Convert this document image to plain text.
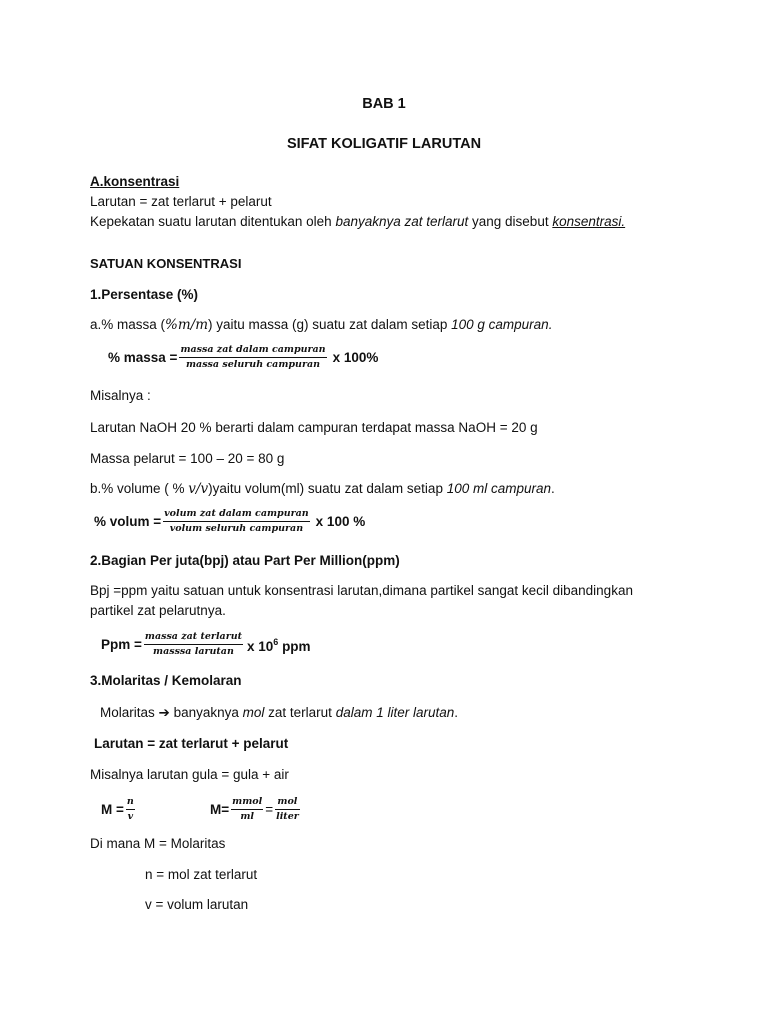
BAB 1
SIFAT KOLIGATIF LARUTAN
A.konsentrasi
Larutan = zat terlarut + pelarut
Kepekatan suatu larutan ditentukan oleh banyaknya zat terlarut yang disebut konsentrasi.
SATUAN KONSENTRASI
1.Persentase (%)
a.% massa (%m/m) yaitu massa (g) suatu zat dalam setiap 100 g campuran.
% massa = $\frac{\text{massa zat dalam campuran}}{\text{massa seluruh campuran}}$ x 100%
Misalnya :
Larutan NaOH 20 % berarti dalam campuran terdapat massa NaOH = 20 g
Massa pelarut = 100 – 20 = 80 g
b.% volume ( % v/v)yaitu volum(ml) suatu zat dalam setiap 100 ml campuran.
% volum = $\frac{\text{volum zat dalam campuran}}{\text{volum seluruh campuran}}$ x 100 %
2.Bagian Per juta(bpj) atau Part Per Million(ppm)
Bpj =ppm yaitu satuan untuk konsentrasi larutan,dimana partikel sangat kecil dibandingkan
partikel zat pelarutnya.
Ppm = $\frac{\text{massa zat terlarut}}{\text{masssa larutan}}$ x $10^6$ ppm
3.Molaritas / Kemolaran
Molaritas ➔ banyaknya mol zat terlarut dalam 1 liter larutan.
Larutan = zat terlarut + pelarut
Misalnya larutan gula = gula + air
$M = \frac{n}{v}$	$M= \frac{\text{mmol}}{ml} = \frac{\text{mol}}{\text{liter}}$
Di mana M = Molaritas
n = mol zat terlarut
v = volum larutan
